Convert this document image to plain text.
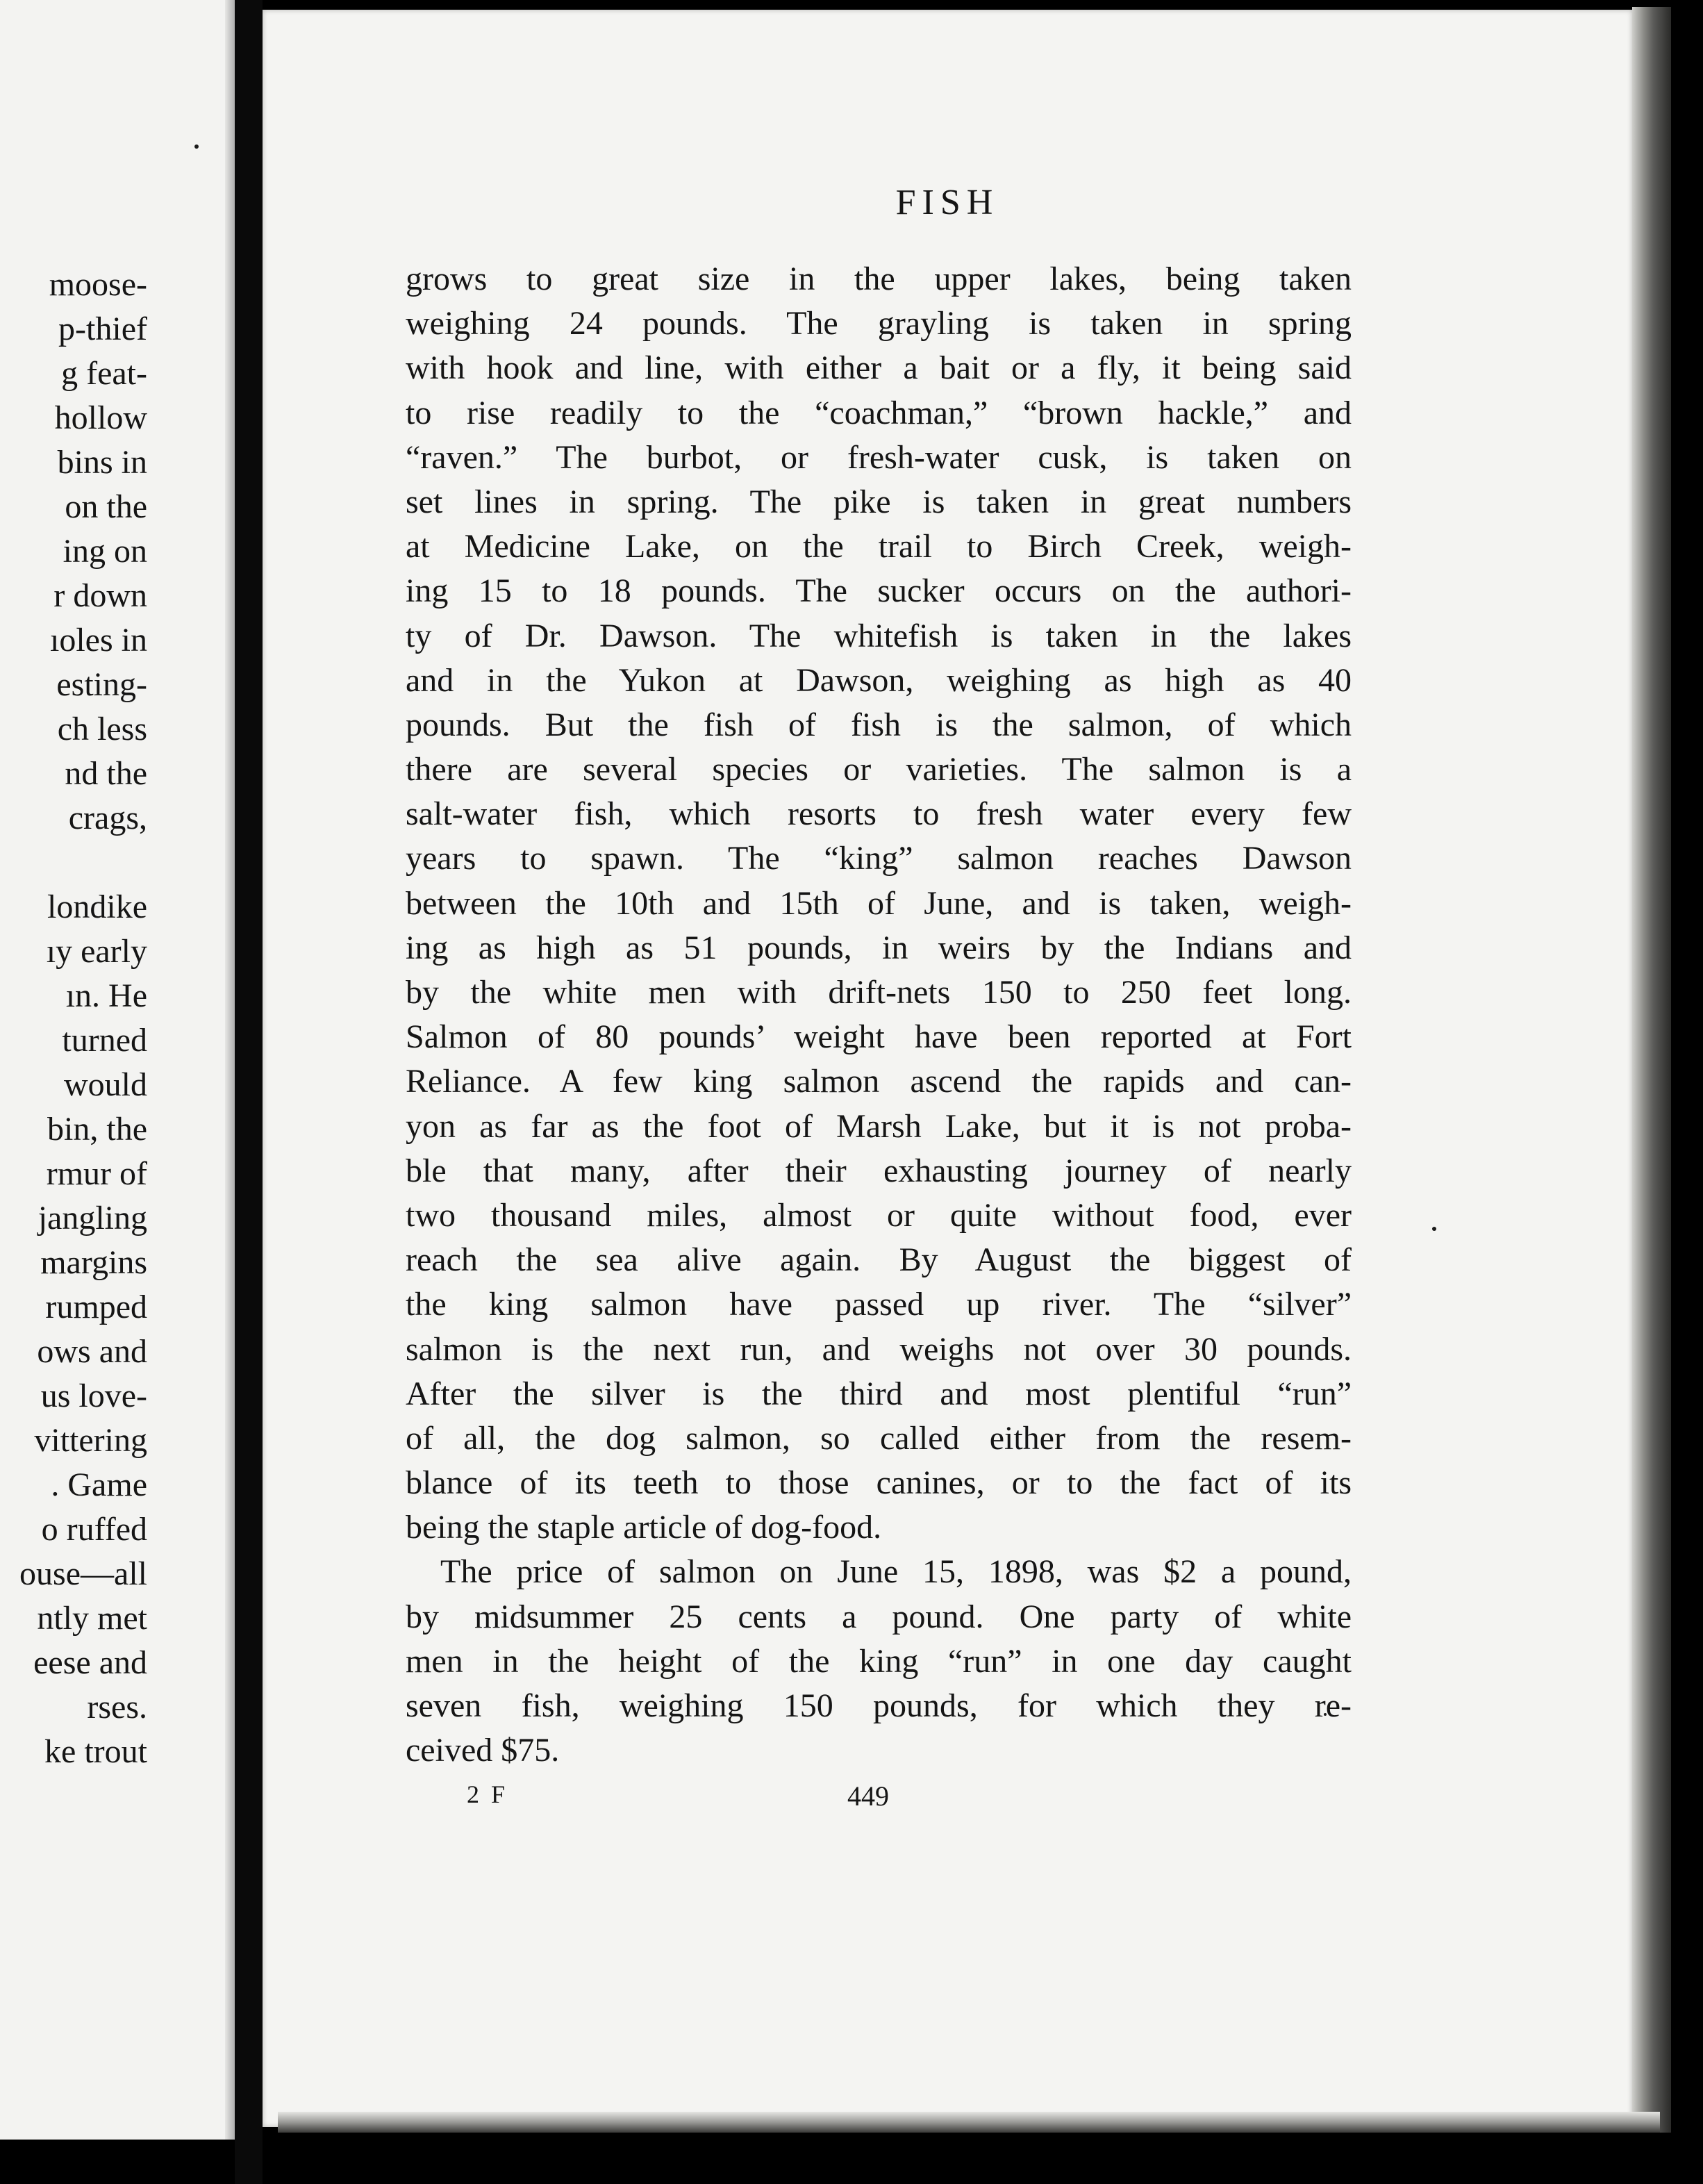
moose-
p-thief
g feat-
hollow
bins in
on the
ing on
r down
ıoles in
esting-
ch less
nd the
crags,
londike
ıy early
ın. He
turned
would
bin, the
rmur of
jangling
margins
rumped
ows and
us love-
vittering
. Game
o ruffed
ouse—all
ntly met
eese and
rses.
ke trout
FISH
grows to great size in the upper lakes, being taken
weighing 24 pounds. The grayling is taken in spring
with hook and line, with either a bait or a fly, it being said
to rise readily to the “coachman,” “brown hackle,” and
“raven.” The burbot, or fresh-water cusk, is taken on
set lines in spring. The pike is taken in great numbers
at Medicine Lake, on the trail to Birch Creek, weigh-
ing 15 to 18 pounds. The sucker occurs on the authori-
ty of Dr. Dawson. The whitefish is taken in the lakes
and in the Yukon at Dawson, weighing as high as 40
pounds. But the fish of fish is the salmon, of which
there are several species or varieties. The salmon is a
salt-water fish, which resorts to fresh water every few
years to spawn. The “king” salmon reaches Dawson
between the 10th and 15th of June, and is taken, weigh-
ing as high as 51 pounds, in weirs by the Indians and
by the white men with drift-nets 150 to 250 feet long.
Salmon of 80 pounds’ weight have been reported at Fort
Reliance. A few king salmon ascend the rapids and can-
yon as far as the foot of Marsh Lake, but it is not proba-
ble that many, after their exhausting journey of nearly
two thousand miles, almost or quite without food, ever
reach the sea alive again. By August the biggest of
the king salmon have passed up river. The “silver”
salmon is the next run, and weighs not over 30 pounds.
After the silver is the third and most plentiful “run”
of all, the dog salmon, so called either from the resem-
blance of its teeth to those canines, or to the fact of its
being the staple article of dog-food.
The price of salmon on June 15, 1898, was $2 a pound,
by midsummer 25 cents a pound. One party of white
men in the height of the king “run” in one day caught
seven fish, weighing 150 pounds, for which they re-
ceived $75.
2 F	449
